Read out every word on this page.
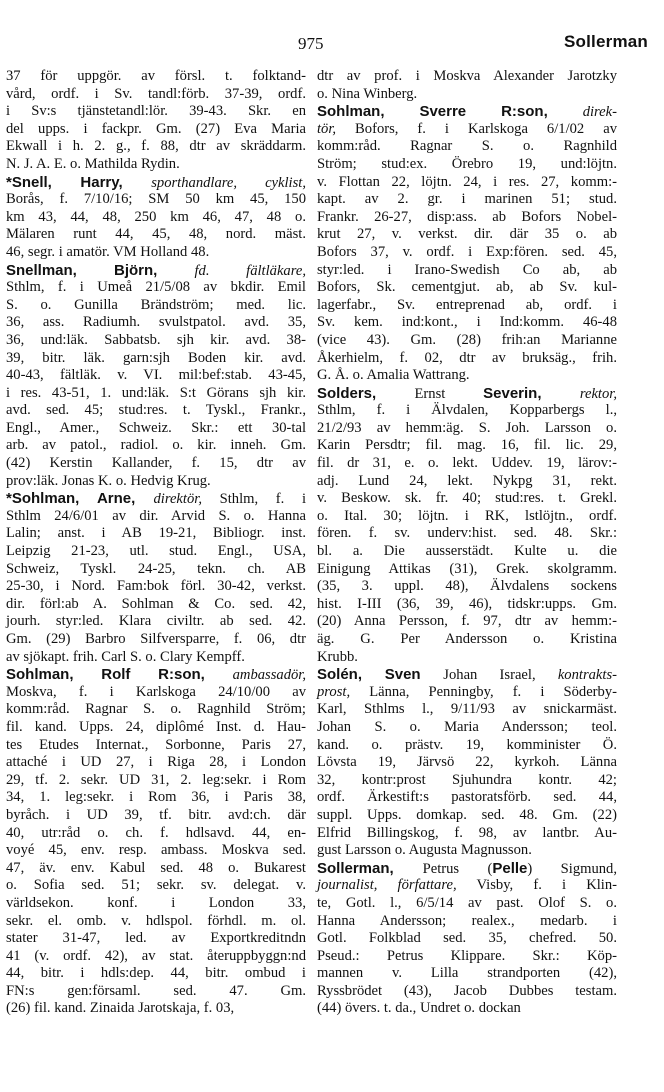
975	Sollerman
37 för uppgör. av försl. t. folktand-
vård, ordf. i Sv. tandl:förb. 37-39, ordf.
i Sv:s tjänstetandl:lör. 39-43. Skr. en
del upps. i fackpr. Gm. (27) Eva Maria
Ekwall i h. 2. g., f. 88, dtr av skräddarm.
N. J. A. E. o. Mathilda Rydin.
*Snell, Harry, sporthandlare, cyklist,
Borås, f. 7/10/16; SM 50 km 45, 150
km 43, 44, 48, 250 km 46, 47, 48 o.
Mälaren runt 44, 45, 48, nord. mäst.
46, segr. i amatör. VM Holland 48.
Snellman, Björn, fd. fältläkare,
Sthlm, f. i Umeå 21/5/08 av bkdir. Emil
S. o. Gunilla Brändström; med. lic.
36, ass. Radiumh. svulstpatol. avd. 35,
36, und:läk. Sabbatsb. sjh kir. avd. 38-
39, bitr. läk. garn:sjh Boden kir. avd.
40-43, fältläk. v. VI. mil:bef:stab. 43-45,
i res. 43-51, 1. und:läk. S:t Görans sjh kir.
avd. sed. 45; stud:res. t. Tyskl., Frankr.,
Engl., Amer., Schweiz. Skr.: ett 30-tal
arb. av patol., radiol. o. kir. inneh. Gm.
(42) Kerstin Kallander, f. 15, dtr av
prov:läk. Jonas K. o. Hedvig Krug.
*Sohlman, Arne, direktör, Sthlm, f. i
Sthlm 24/6/01 av dir. Arvid S. o. Hanna
Lalin; anst. i AB 19-21, Bibliogr. inst.
Leipzig 21-23, utl. stud. Engl., USA,
Schweiz, Tyskl. 24-25, tekn. ch. AB
25-30, i Nord. Fam:bok förl. 30-42, verkst.
dir. förl:ab A. Sohlman & Co. sed. 42,
jourh. styr:led. Klara civiltr. ab sed. 42.
Gm. (29) Barbro Silfversparre, f. 06, dtr
av sjökapt. frih. Carl S. o. Clary Kempff.
Sohlman, Rolf R:son, ambassadör,
Moskva, f. i Karlskoga 24/10/00 av
komm:råd. Ragnar S. o. Ragnhild Ström;
fil. kand. Upps. 24, diplômé Inst. d. Hau-
tes Etudes Internat., Sorbonne, Paris 27,
attaché i UD 27, i Riga 28, i London
29, tf. 2. sekr. UD 31, 2. leg:sekr. i Rom
34, 1. leg:sekr. i Rom 36, i Paris 38,
byråch. i UD 39, tf. bitr. avd:ch. där
40, utr:råd o. ch. f. hdlsavd. 44, en-
voyé 45, env. resp. ambass. Moskva sed.
47, äv. env. Kabul sed. 48 o. Bukarest
o. Sofia sed. 51; sekr. sv. delegat. v.
världsekon. konf. i London 33,
sekr. el. omb. v. hdlspol. förhdl. m. ol.
stater 31-47, led. av Exportkreditndn
41 (v. ordf. 42), av stat. återuppbyggn:nd
44, bitr. i hdls:dep. 44, bitr. ombud i
FN:s gen:församl. sed. 47. Gm.
(26) fil. kand. Zinaida Jarotskaja, f. 03,
dtr av prof. i Moskva Alexander Jarotzky
o. Nina Winberg.
Sohlman, Sverre R:son, direk-
tör, Bofors, f. i Karlskoga 6/1/02 av
komm:råd. Ragnar S. o. Ragnhild
Ström; stud:ex. Örebro 19, und:löjtn.
v. Flottan 22, löjtn. 24, i res. 27, komm:-
kapt. av 2. gr. i marinen 51; stud.
Frankr. 26-27, disp:ass. ab Bofors Nobel-
krut 27, v. verkst. dir. där 35 o. ab
Bofors 37, v. ordf. i Exp:fören. sed. 45,
styr:led. i Irano-Swedish Co ab, ab
Bofors, Sk. cementgjut. ab, ab Sv. kul-
lagerfabr., Sv. entreprenad ab, ordf. i
Sv. kem. ind:kont., i Ind:komm. 46-48
(vice 43). Gm. (28) frih:an Marianne
Åkerhielm, f. 02, dtr av bruksäg., frih.
G. Å. o. Amalia Wattrang.
Solders, Ernst Severin, rektor,
Sthlm, f. i Älvdalen, Kopparbergs l.,
21/2/93 av hemm:äg. S. Joh. Larsson o.
Karin Persdtr; fil. mag. 16, fil. lic. 29,
fil. dr 31, e. o. lekt. Uddev. 19, lärov:-
adj. Lund 24, lekt. Nykpg 31, rekt.
v. Beskow. sk. fr. 40; stud:res. t. Grekl.
o. Ital. 30; löjtn. i RK, lstlöjtn., ordf.
fören. f. sv. underv:hist. sed. 48. Skr.:
bl. a. Die ausserstädt. Kulte u. die
Einigung Attikas (31), Grek. skolgramm.
(35, 3. uppl. 48), Älvdalens sockens
hist. I-III (36, 39, 46), tidskr:upps. Gm.
(20) Anna Persson, f. 97, dtr av hemm:-
äg. G. Per Andersson o. Kristina
Krubb.
Solén, Sven Johan Israel, kontrakts-
prost, Länna, Penningby, f. i Söderby-
Karl, Sthlms l., 9/11/93 av snickarmäst.
Johan S. o. Maria Andersson; teol.
kand. o. prästv. 19, komminister Ö.
Lövsta 19, Järvsö 22, kyrkoh. Länna
32, kontr:prost Sjuhundra kontr. 42;
ordf. Ärkestift:s pastoratsförb. sed. 44,
suppl. Upps. domkap. sed. 48. Gm. (22)
Elfrid Billingskog, f. 98, av lantbr. Au-
gust Larsson o. Augusta Magnusson.
Sollerman, Petrus (Pelle) Sigmund,
journalist, författare, Visby, f. i Klin-
te, Gotl. l., 6/5/14 av past. Olof S. o.
Hanna Andersson; realex., medarb. i
Gotl. Folkblad sed. 35, chefred. 50.
Pseud.: Petrus Klippare. Skr.: Köp-
mannen v. Lilla strandporten (42),
Ryssbrödet (43), Jacob Dubbes testam.
(44) övers. t. da., Undret o. dockan
